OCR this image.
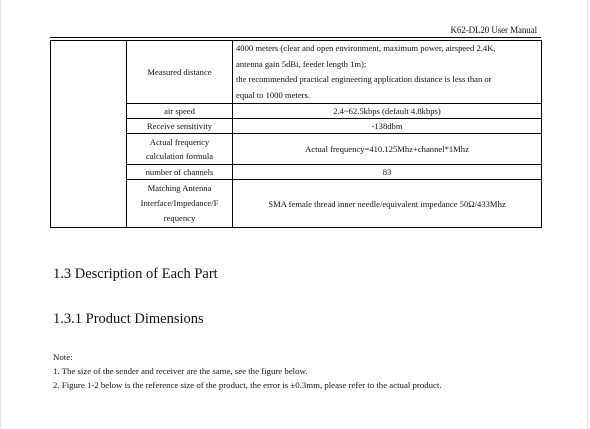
K62-DL20 User Manual
	Measured distance	4000 meters (clear and open environment, maximum power, airspeed 2.4K,
antenna gain 5dBi, feeder length 1m);
the recommended practical engineering application distance is less than or
equal to 1000 meters.

	air speed	2.4~62.5kbps (default 4.8kbps)
	Receive sensitivity	-138dbm

	Actual frequency
calculation formula	Actual frequency=410.125Mhz+channel*1Mhz
	number of channels	83

	Matching Antenna
Interface/Impedance/F
requency	SMA female thread inner needle/equivalent impedance 50Ω/433Mhz
1.3 Description of Each Part
1.3.1 Product Dimensions
Note:
1. The size of the sender and receiver are the same, see the figure below.
2. Figure 1-2 below is the reference size of the product, the error is ±0.3mm, please refer to the actual product.
